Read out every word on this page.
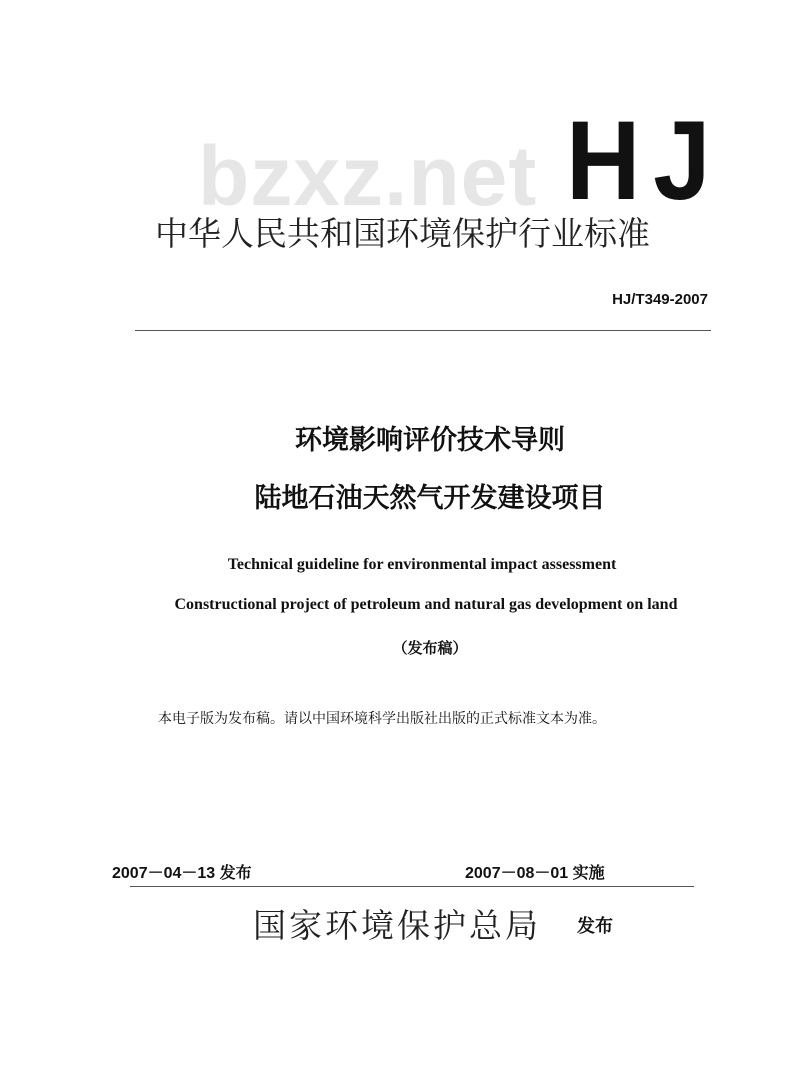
bzxz.net HJ
中华人民共和国环境保护行业标准
HJ/T349-2007
环境影响评价技术导则
陆地石油天然气开发建设项目
Technical guideline for environmental impact assessment
Constructional project of petroleum and natural gas development on land
（发布稿）
本电子版为发布稿。请以中国环境科学出版社出版的正式标准文本为准。
2007－04－13 发布	2007－08－01 实施
国家环境保护总局 发布
